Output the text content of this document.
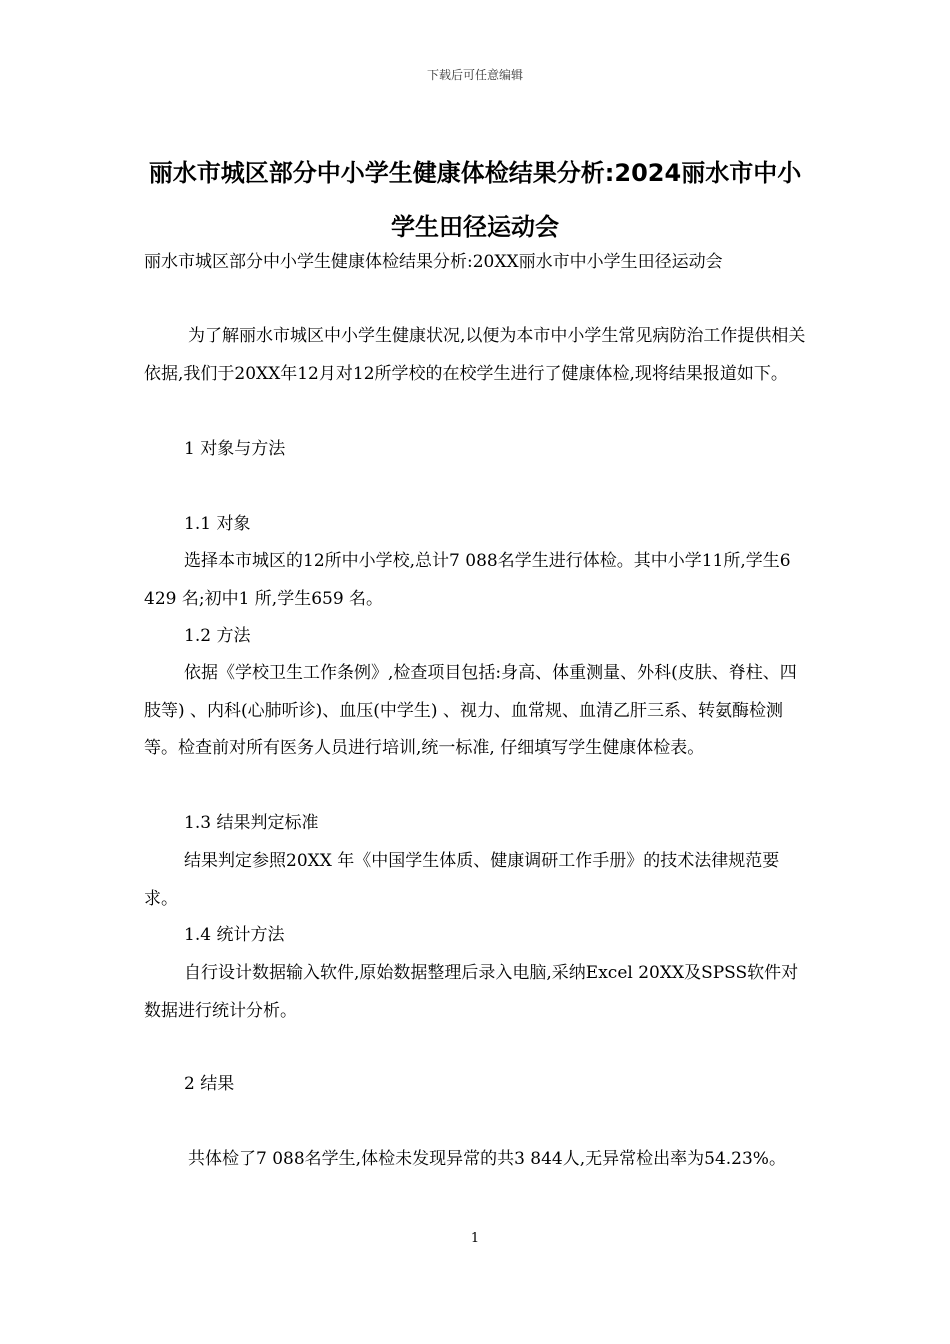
下载后可任意编辑
丽水市城区部分中小学生健康体检结果分析:2024丽水市中小学生田径运动会
丽水市城区部分中小学生健康体检结果分析:20XX丽水市中小学生田径运动会

为了解丽水市城区中小学生健康状况,以便为本市中小学生常见病防治工作提供相关依据,我们于20XX年12月对12所学校的在校学生进行了健康体检,现将结果报道如下。

1 对象与方法

1.1 对象

选择本市城区的12所中小学校,总计7 088名学生进行体检。其中小学11所,学生6 429 名;初中1 所,学生659 名。

1.2 方法

依据《学校卫生工作条例》,检查项目包括:身高、体重测量、外科(皮肤、脊柱、四肢等) 、内科(心肺听诊)、血压(中学生) 、视力、血常规、血清乙肝三系、转氨酶检测等。检查前对所有医务人员进行培训,统一标准, 仔细填写学生健康体检表。

1.3 结果判定标准

结果判定参照20XX 年《中国学生体质、健康调研工作手册》的技术法律规范要求。

1.4 统计方法

自行设计数据输入软件,原始数据整理后录入电脑,采纳Excel 20XX及SPSS软件对数据进行统计分析。

2 结果

共体检了7 088名学生,体检未发现异常的共3 844人,无异常检出率为54.23%。

1
